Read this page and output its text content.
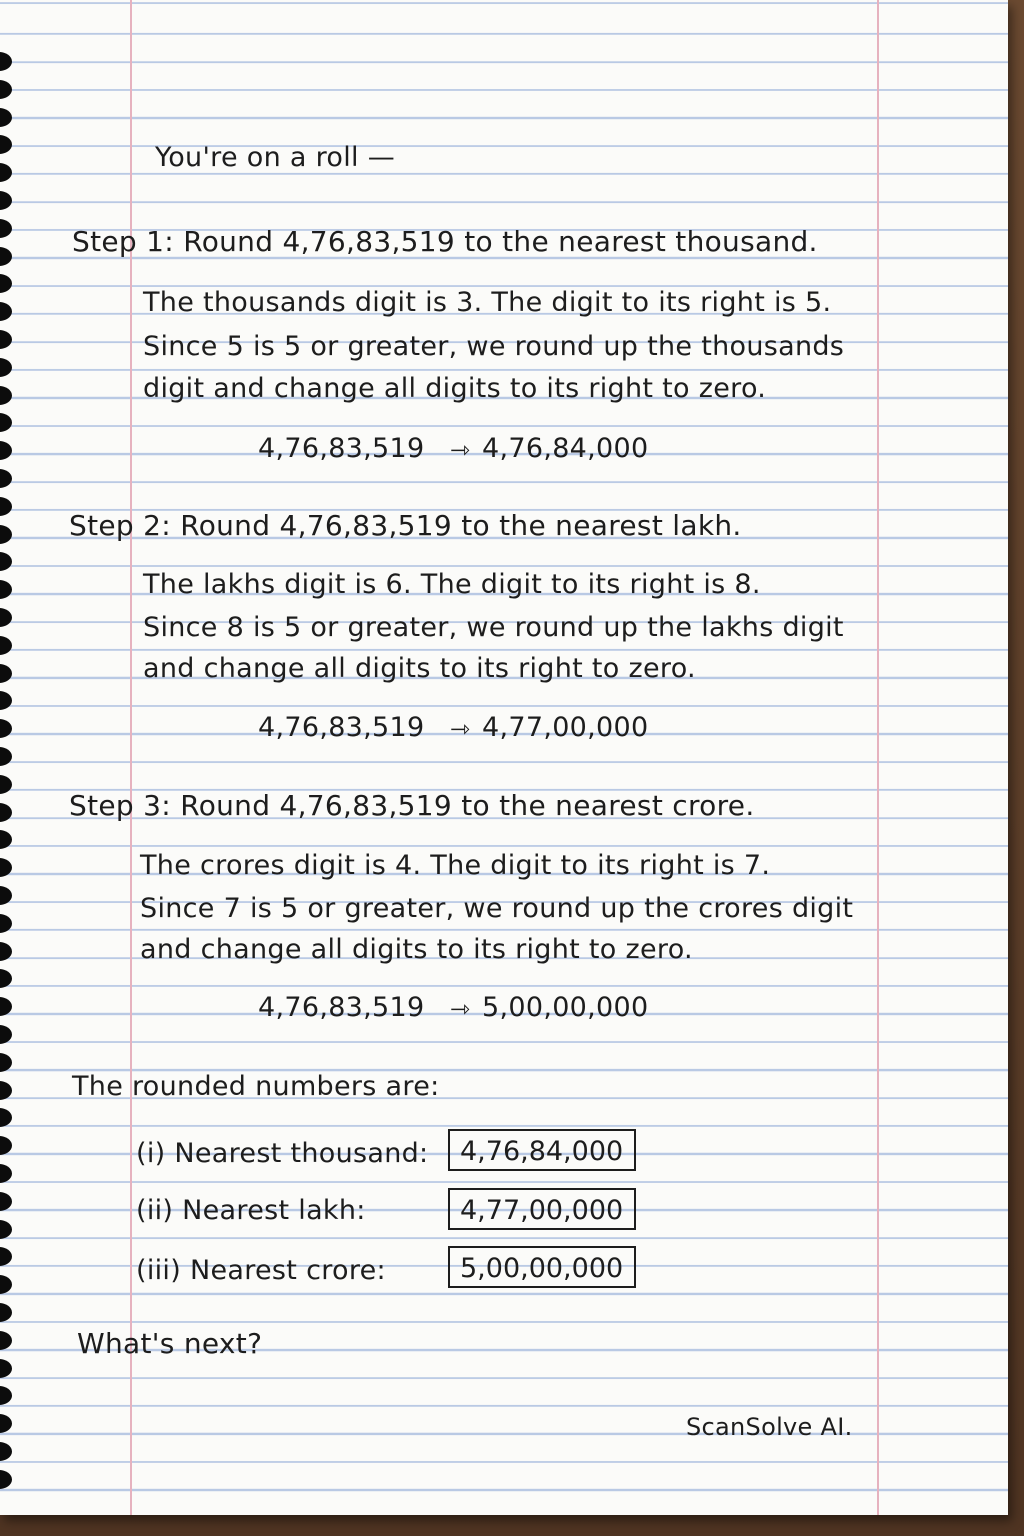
You're on a roll —
Step 1: Round 4,76,83,519 to the nearest thousand.
The thousands digit is 3. The digit to its right is 5.
Since 5 is 5 or greater, we round up the thousands
digit and change all digits to its right to zero.
4,76,83,519 ⇾ 4,76,84,000
Step 2: Round 4,76,83,519 to the nearest lakh.
The lakhs digit is 6. The digit to its right is 8.
Since 8 is 5 or greater, we round up the lakhs digit
and change all digits to its right to zero.
4,76,83,519 ⇾ 4,77,00,000
Step 3: Round 4,76,83,519 to the nearest crore.
The crores digit is 4. The digit to its right is 7.
Since 7 is 5 or greater, we round up the crores digit
and change all digits to its right to zero.
4,76,83,519 ⇾ 5,00,00,000
The rounded numbers are:
(i) Nearest thousand:	4,76,84,000
(ii) Nearest lakh:	4,77,00,000
(iii) Nearest crore:	5,00,00,000
What's next?
ScanSolve AI.
